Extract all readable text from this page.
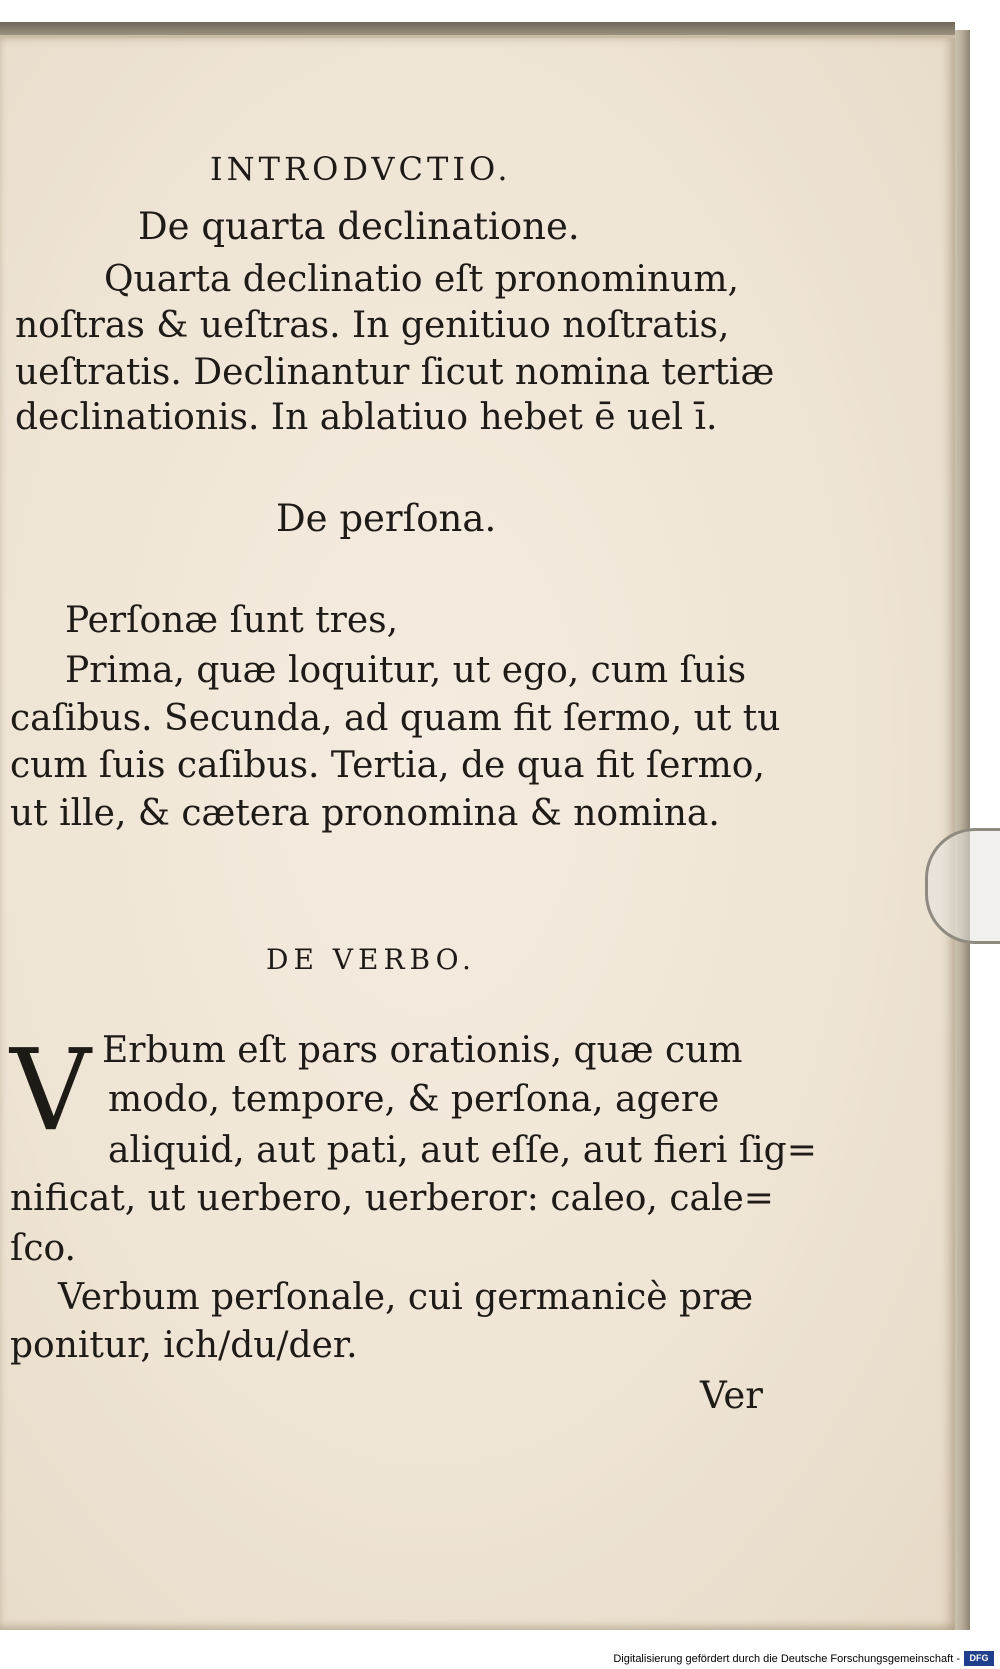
INTRODVCTIO.
De quarta declinatione.
Quarta declinatio eſt pronominum,
noſtras & ueſtras. In genitiuo noſtratis,
ueſtratis. Declinantur ſicut nomina tertiæ
declinationis. In ablatiuo hebet ē uel ī.
De perſona.
Perſonæ ſunt tres,
Prima, quæ loquitur, ut ego, cum ſuis
caſibus. Secunda, ad quam fit ſermo, ut tu
cum ſuis caſibus. Tertia, de qua fit ſermo,
ut ille, & cætera pronomina & nomina.
DE VERBO.
V Erbum eſt pars orationis, quæ cum
modo, tempore, & perſona, agere
aliquid, aut pati, aut eſſe, aut fieri ſig=
nificat, ut uerbero, uerberor: caleo, cale=
ſco.
Verbum perſonale, cui germanicè præ
ponitur, ich/du/der.
Ver
Digitalisierung gefördert durch die Deutsche Forschungsgemeinschaft -	DFG
